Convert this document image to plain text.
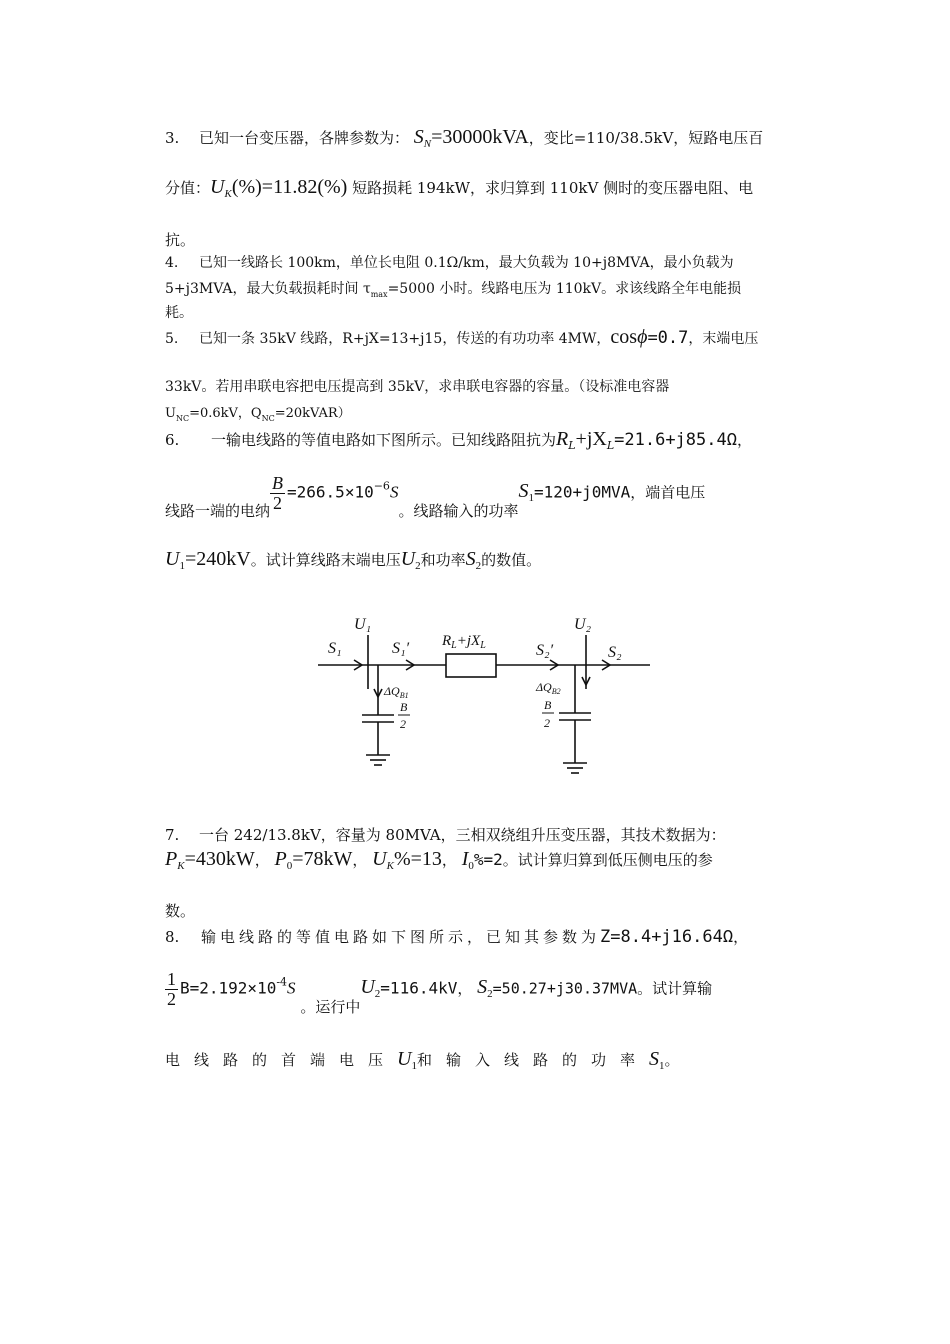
3. 已知一台变压器，各牌参数为： $S_N=30000kVA$，变比=110/38.5kV，短路电压百
分值：$U_K(\%)=11.82(\%)$ 短路损耗 194kW，求归算到 110kV 侧时的变压器电阻、电
抗。
4. 已知一线路长 100km，单位长电阻 0.1Ω/km，最大负载为 10+j8MVA，最小负载为
5+j3MVA，最大负载损耗时间 $\tau_{max}=5000$ 小时。线路电压为 110kV。求该线路全年电能损
耗。
5. 已知一条 35kV 线路，R+jX=13+j15，传送的有功功率 4MW，cosϕ=0.7，末端电压
33kV。若用串联电容把电压提高到 35kV，求串联电容器的容量。（设标准电容器
$U_{NC}=0.6kV$，$Q_{NC}=20kVAR$）
6. 一输电线路的等值电路如下图所示。已知线路阻抗为$R_L+jX_L=21.6+j85.4\Omega$，
线路一端的电纳 $\frac{B}{2} =266.5\times 10^{-6}S$。线路输入的功率$S_1=120+j0MVA$，端首电压
$U_1=240kV$。试计算线路末端电压$U_2$和功率$S_2$的数值。
U₁	U₂
S₁	S₁′	S₂′	S₂
$R_L+jX_L$
$\Delta Q_{B1}$
$\Delta Q_{B2}$
B
2
B
2
7. 一台 242/13.8kV，容量为 80MVA，三相双绕组升压变压器，其技术数据为：
$P_K=430kW$， $P_0=78kW$， $U_K\%=13$， $I_0\%=2$。试计算归算到低压侧电压的参
数。
8. 输电线路的等值电路如下图所示，已知其参数为Z=8.4+j16.64Ω，
$\frac{1}{2} B=2.192\times 10^{-4}S$ 。运行中$U_2=116.4kV$， $S_2=50.27+j30.37MVA$。试计算输
电线路的首端电压$U_1$和输入线路的功率$S_1$。
